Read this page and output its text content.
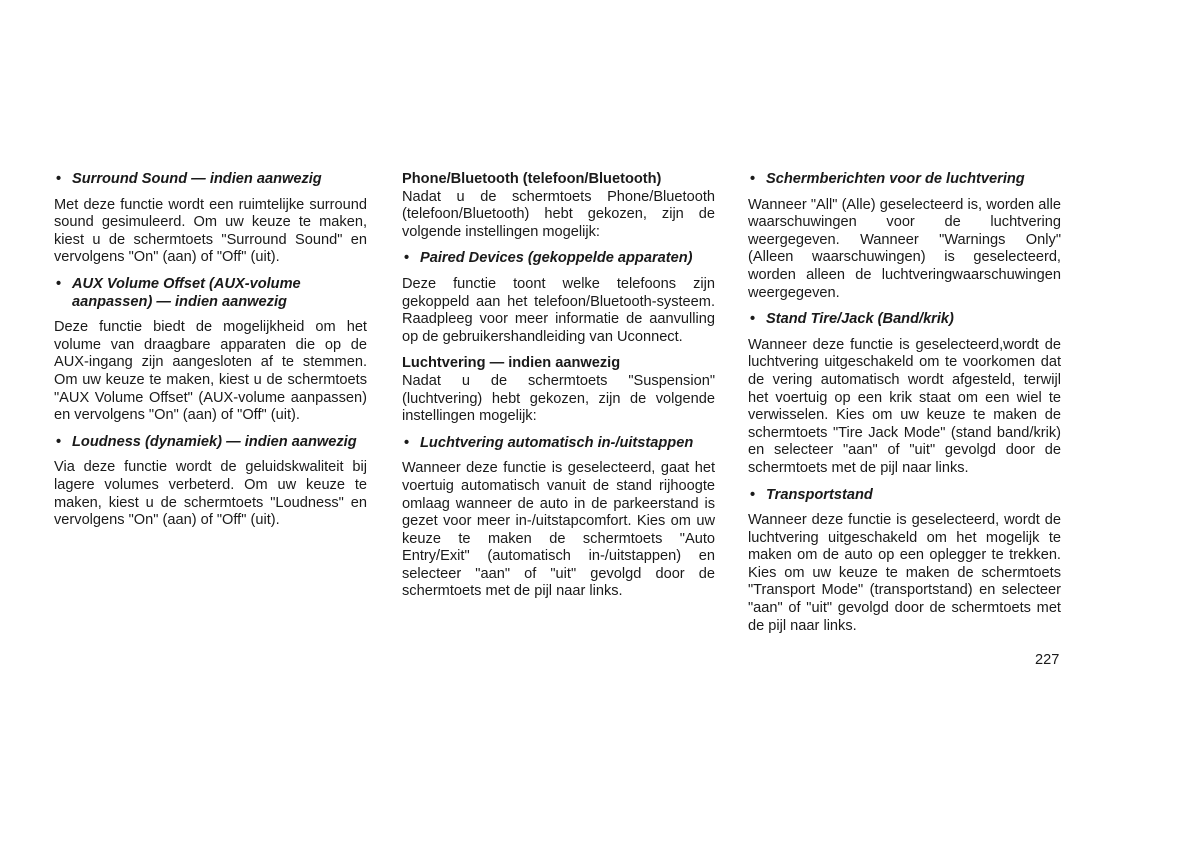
• Surround Sound — indien aanwezig

Met deze functie wordt een ruimtelijke surround sound gesimuleerd. Om uw keuze te maken, kiest u de schermtoets "Surround Sound" en vervolgens "On" (aan) of "Off" (uit).

• AUX Volume Offset (AUX-volume aanpassen) — indien aanwezig

Deze functie biedt de mogelijkheid om het volume van draagbare apparaten die op de AUX-ingang zijn aangesloten af te stemmen. Om uw keuze te maken, kiest u de schermtoets "AUX Volume Offset" (AUX-volume aanpassen) en vervolgens "On" (aan) of "Off" (uit).

• Loudness (dynamiek) — indien aanwezig

Via deze functie wordt de geluidskwaliteit bij lagere volumes verbeterd. Om uw keuze te maken, kiest u de schermtoets "Loudness" en vervolgens "On" (aan) of "Off" (uit).

Phone/Bluetooth (telefoon/Bluetooth)

Nadat u de schermtoets Phone/Bluetooth (telefoon/Bluetooth) hebt gekozen, zijn de volgende instellingen mogelijk:

• Paired Devices (gekoppelde apparaten)

Deze functie toont welke telefoons zijn gekoppeld aan het telefoon/Bluetooth-systeem. Raadpleeg voor meer informatie de aanvulling op de gebruikershandleiding van Uconnect.

Luchtvering — indien aanwezig

Nadat u de schermtoets "Suspension" (luchtvering) hebt gekozen, zijn de volgende instellingen mogelijk:

• Luchtvering automatisch in-/uitstappen

Wanneer deze functie is geselecteerd, gaat het voertuig automatisch vanuit de stand rijhoogte omlaag wanneer de auto in de parkeerstand is gezet voor meer in-/uitstapcomfort. Kies om uw keuze te maken de schermtoets "Auto Entry/Exit" (automatisch in-/uitstappen) en selecteer "aan" of "uit" gevolgd door de schermtoets met de pijl naar links.

• Schermberichten voor de luchtvering

Wanneer "All" (Alle) geselecteerd is, worden alle waarschuwingen voor de luchtvering weergegeven. Wanneer "Warnings Only" (Alleen waarschuwingen) is geselecteerd, worden alleen de luchtveringwaarschuwingen weergegeven.

• Stand Tire/Jack (Band/krik)

Wanneer deze functie is geselecteerd,wordt de luchtvering uitgeschakeld om te voorkomen dat de vering automatisch wordt afgesteld, terwijl het voertuig op een krik staat om een wiel te verwisselen. Kies om uw keuze te maken de schermtoets "Tire Jack Mode" (stand band/krik) en selecteer "aan" of "uit" gevolgd door de schermtoets met de pijl naar links.

• Transportstand

Wanneer deze functie is geselecteerd, wordt de luchtvering uitgeschakeld om het mogelijk te maken om de auto op een oplegger te trekken. Kies om uw keuze te maken de schermtoets "Transport Mode" (transportstand) en selecteer "aan" of "uit" gevolgd door de schermtoets met de pijl naar links.

227
